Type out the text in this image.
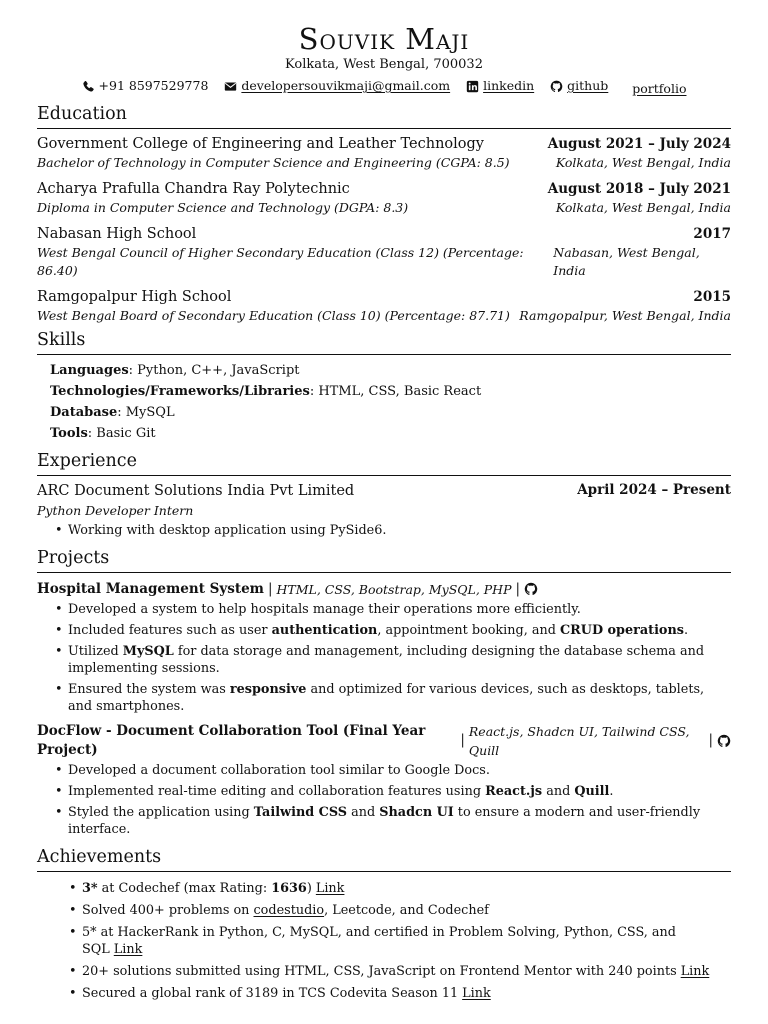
Souvik Maji
Kolkata, West Bengal, 700032
+91 8597529778
	developersouvikmaji@gmail.com
	linkedin
	github
portfolio
Education
Government College of Engineering and Leather Technology	August 2021 – July 2024
Bachelor of Technology in Computer Science and Engineering (CGPA: 8.5)	Kolkata, West Bengal, India
Acharya Prafulla Chandra Ray Polytechnic	August 2018 – July 2021
Diploma in Computer Science and Technology (DGPA: 8.3)	Kolkata, West Bengal, India
Nabasan High School	2017
West Bengal Council of Higher Secondary Education (Class 12) (Percentage: 86.40)
Nabasan, West Bengal, India
Ramgopalpur High School	2015
West Bengal Board of Secondary Education (Class 10) (Percentage: 87.71) Ramgopalpur, West Bengal, India
Skills
Languages: Python, C++, JavaScript
Technologies/Frameworks/Libraries: HTML, CSS, Basic React
Database: MySQL
Tools: Basic Git
Experience
ARC Document Solutions India Pvt Limited	April 2024 – Present
Python Developer Intern
• Working with desktop application using PySide6.
Projects
Hospital Management System | HTML, CSS, Bootstrap, MySQL, PHP |
• Developed a system to help hospitals manage their operations more efficiently.
• Included features such as user authentication, appointment booking, and CRUD operations.
• Utilized MySQL for data storage and management, including designing the database schema and implementing sessions.
• Ensured the system was responsive and optimized for various devices, such as desktops, tablets, and smartphones.
DocFlow - Document Collaboration Tool (Final Year Project)
|
React.js, Shadcn UI, Tailwind CSS, Quill
|
• Developed a document collaboration tool similar to Google Docs.
• Implemented real-time editing and collaboration features using React.js and Quill.
• Styled the application using Tailwind CSS and Shadcn UI to ensure a modern and user-friendly interface.
Achievements
• 3* at Codechef (max Rating: 1636) Link
• Solved 400+ problems on codestudio, Leetcode, and Codechef
• 5* at HackerRank in Python, C, MySQL, and certified in Problem Solving, Python, CSS, and SQL Link
• 20+ solutions submitted using HTML, CSS, JavaScript on Frontend Mentor with 240 points Link
• Secured a global rank of 3189 in TCS Codevita Season 11 Link
